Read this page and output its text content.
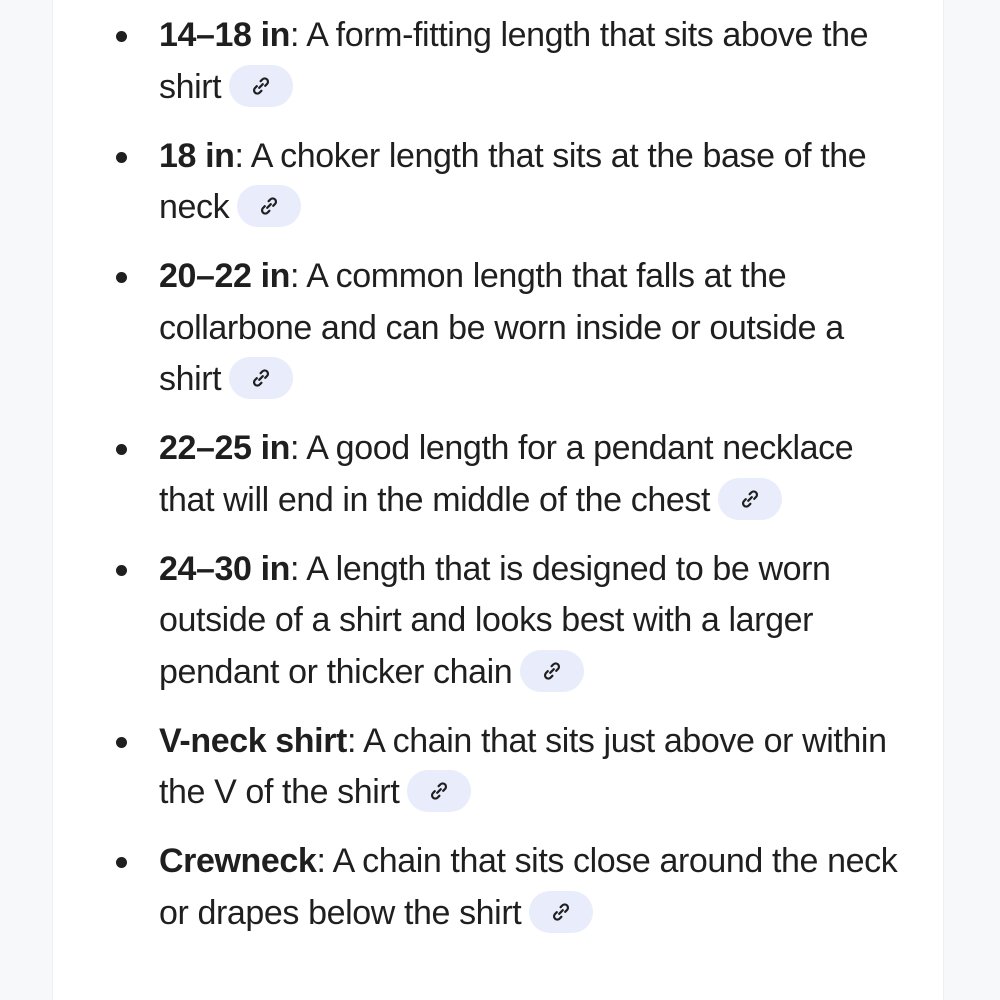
14–18 in: A form-fitting length that sits above the shirt
18 in: A choker length that sits at the base of the neck
20–22 in: A common length that falls at the collarbone and can be worn inside or outside a shirt
22–25 in: A good length for a pendant necklace that will end in the middle of the chest
24–30 in: A length that is designed to be worn outside of a shirt and looks best with a larger pendant or thicker chain
V-neck shirt: A chain that sits just above or within the V of the shirt
Crewneck: A chain that sits close around the neck or drapes below the shirt
